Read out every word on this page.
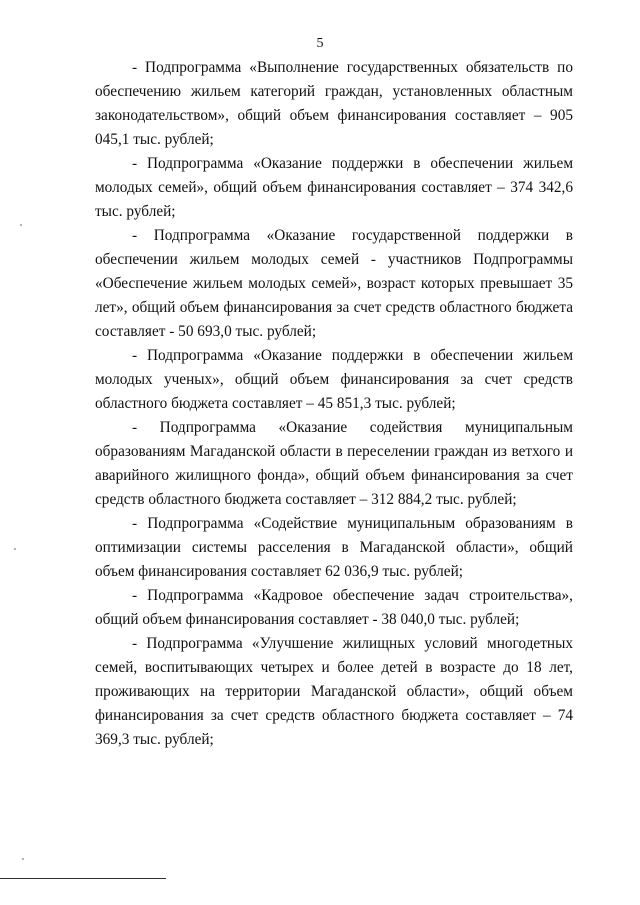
5

- Подпрограмма «Выполнение государственных обязательств по обеспечению жильем категорий граждан, установленных областным законодательством», общий объем финансирования составляет – 905 045,1 тыс. рублей;

- Подпрограмма «Оказание поддержки в обеспечении жильем молодых семей», общий объем финансирования составляет – 374 342,6 тыс. рублей;

- Подпрограмма «Оказание государственной поддержки в обеспечении жильем молодых семей - участников Подпрограммы «Обеспечение жильем молодых семей», возраст которых превышает 35 лет», общий объем финансирования за счет средств областного бюджета составляет - 50 693,0 тыс. рублей;

- Подпрограмма «Оказание поддержки в обеспечении жильем молодых ученых», общий объем финансирования за счет средств областного бюджета составляет – 45 851,3 тыс. рублей;

- Подпрограмма «Оказание содействия муниципальным образованиям Магаданской области в переселении граждан из ветхого и аварийного жилищного фонда», общий объем финансирования за счет средств областного бюджета составляет – 312 884,2 тыс. рублей;

- Подпрограмма «Содействие муниципальным образованиям в оптимизации системы расселения в Магаданской области», общий объем финансирования составляет 62 036,9 тыс. рублей;

- Подпрограмма «Кадровое обеспечение задач строительства», общий объем финансирования составляет - 38 040,0 тыс. рублей;

- Подпрограмма «Улучшение жилищных условий многодетных семей, воспитывающих четырех и более детей в возрасте до 18 лет, проживающих на территории Магаданской области», общий объем финансирования за счет средств областного бюджета составляет – 74 369,3 тыс. рублей;
